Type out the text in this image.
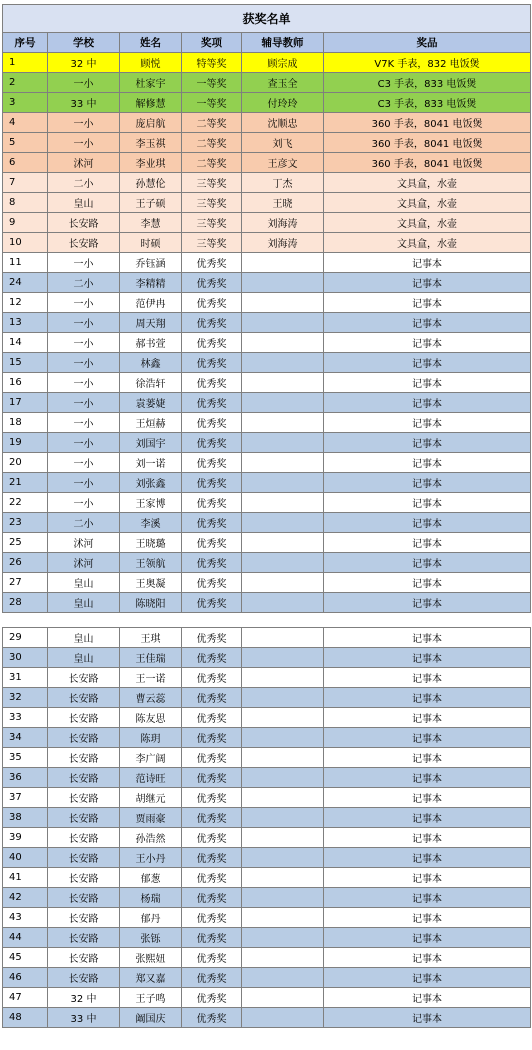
获奖名单					
序号	学校	姓名	奖项	辅导教师	奖品
1	32 中	顾悦	特等奖	顾宗成	V7K 手表，832 电饭煲
2	一小	杜家宇	一等奖	查玉全	C3 手表，833 电饭煲
3	33 中	解修慧	一等奖	付玲玲	C3 手表，833 电饭煲
4	一小	庞启航	二等奖	沈顺忠	360 手表，8041 电饭煲
5	一小	李玉祺	二等奖	刘飞	360 手表，8041 电饭煲
6	沭河	李业琪	二等奖	王彦文	360 手表，8041 电饭煲
7	二小	孙慧伦	三等奖	丁杰	文具盒，水壶
8	皇山	王子硕	三等奖	王晓	文具盒，水壶
9	长安路	李慧	三等奖	刘海涛	文具盒，水壶
10	长安路	时硕	三等奖	刘海涛	文具盒，水壶
11	一小	乔钰涵	优秀奖		记事本
24	二小	李精精	优秀奖		记事本
12	一小	范伊冉	优秀奖		记事本
13	一小	周天翔	优秀奖		记事本
14	一小	郝书萱	优秀奖		记事本
15	一小	林鑫	优秀奖		记事本
16	一小	徐浩轩	优秀奖		记事本
17	一小	袁蒌婕	优秀奖		记事本
18	一小	王烜赫	优秀奖		记事本
19	一小	刘国宇	优秀奖		记事本
20	一小	刘一诺	优秀奖		记事本
21	一小	刘张鑫	优秀奖		记事本
22	一小	王家博	优秀奖		记事本
23	二小	李溪	优秀奖		记事本
25	沭河	王晓璐	优秀奖		记事本
26	沭河	王领航	优秀奖		记事本
27	皇山	王奥凝	优秀奖		记事本
28	皇山	陈晓阳	优秀奖		记事本
29	皇山	王琪	优秀奖		记事本
30	皇山	王佳瑞	优秀奖		记事本
31	长安路	王一诺	优秀奖		记事本
32	长安路	曹云蕊	优秀奖		记事本
33	长安路	陈友思	优秀奖		记事本
34	长安路	陈玥	优秀奖		记事本
35	长安路	李广阔	优秀奖		记事本
36	长安路	范诗旺	优秀奖		记事本
37	长安路	胡继元	优秀奖		记事本
38	长安路	贾雨豪	优秀奖		记事本
39	长安路	孙浩然	优秀奖		记事本
40	长安路	王小丹	优秀奖		记事本
41	长安路	郁葱	优秀奖		记事本
42	长安路	杨瑞	优秀奖		记事本
43	长安路	郁丹	优秀奖		记事本
44	长安路	张铄	优秀奖		记事本
45	长安路	张熙妞	优秀奖		记事本
46	长安路	郑又嘉	优秀奖		记事本
47	32 中	王子鸣	优秀奖		记事本
48	33 中	阚国庆	优秀奖		记事本
